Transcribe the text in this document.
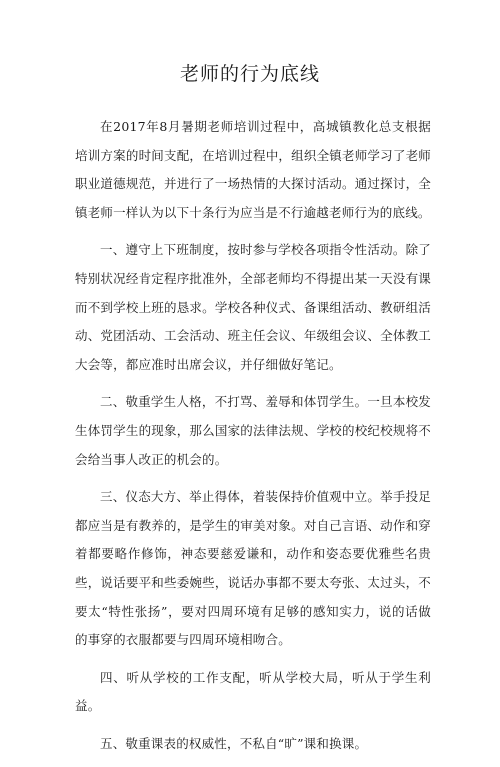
老师的行为底线

在2017年8月暑期老师培训过程中，高城镇教化总支根据培训方案的时间支配，在培训过程中，组织全镇老师学习了老师职业道德规范，并进行了一场热情的大探讨活动。通过探讨，全镇老师一样认为以下十条行为应当是不行逾越老师行为的底线。

一、遵守上下班制度，按时参与学校各项指令性活动。除了特别状况经肯定程序批准外，全部老师均不得提出某一天没有课而不到学校上班的恳求。学校各种仪式、备课组活动、教研组活动、党团活动、工会活动、班主任会议、年级组会议、全体教工大会等，都应准时出席会议，并仔细做好笔记。

二、敬重学生人格，不打骂、羞辱和体罚学生。一旦本校发生体罚学生的现象，那么国家的法律法规、学校的校纪校规将不会给当事人改正的机会的。

三、仪态大方、举止得体，着装保持价值观中立。举手投足都应当是有教养的，是学生的审美对象。对自己言语、动作和穿着都要略作修饰，神态要慈爱谦和，动作和姿态要优雅些名贵些，说话要平和些委婉些，说话办事都不要太夸张、太过头，不要太“特性张扬”，要对四周环境有足够的感知实力，说的话做的事穿的衣服都要与四周环境相吻合。

四、听从学校的工作支配，听从学校大局，听从于学生利益。

五、敬重课表的权威性，不私自“旷”课和换课。
